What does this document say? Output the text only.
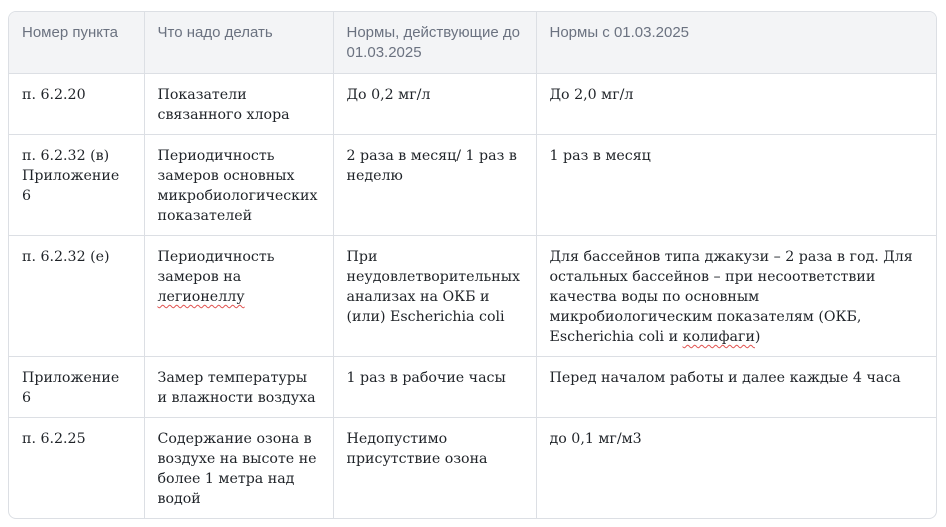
Номер пункта	Что надо делать	Нормы, действующие до 01.03.2025	Нормы с 01.03.2025
п. 6.2.20	Показатели связанного хлора	До 0,2 мг/л	До 2,0 мг/л
п. 6.2.32 (в) Приложение 6	Периодичность замеров основных микробиологических показателей	2 раза в месяц/ 1 раз в неделю	1 раз в месяц
п. 6.2.32 (е)	Периодичность замеров на легионеллу	При неудовлетворительных анализах на ОКБ и (или) Escherichia coli	Для бассейнов типа джакузи – 2 раза в год. Для остальных бассейнов – при несоответствии качества воды по основным микробиологическим показателям (ОКБ, Escherichia coli и колифаги)
Приложение 6	Замер температуры и влажности воздуха	1 раз в рабочие часы	Перед началом работы и далее каждые 4 часа
п. 6.2.25	Содержание озона в воздухе на высоте не более 1 метра над водой	Недопустимо присутствие озона	до 0,1 мг/м3
